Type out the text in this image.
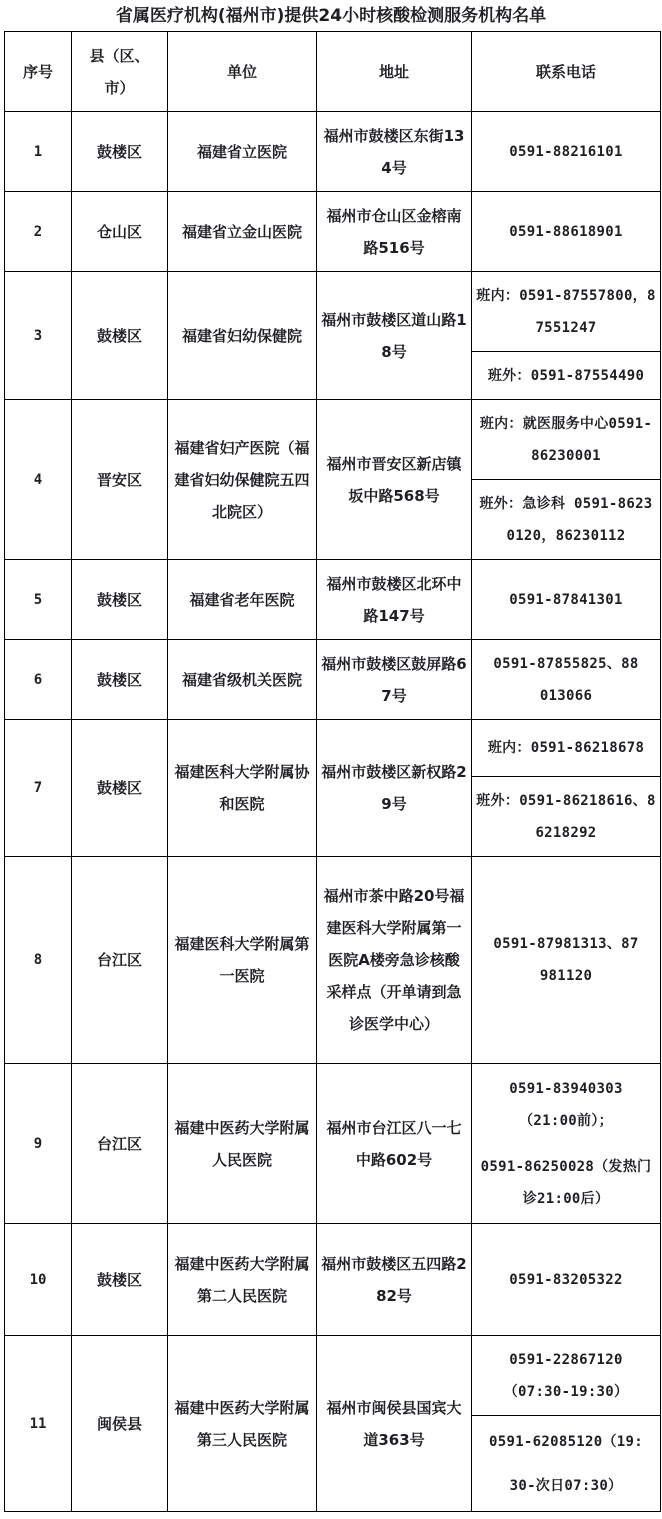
省属医疗机构(福州市)提供24小时核酸检测服务机构名单
序号	县（区、市）	单位	地址	联系电话
1	鼓楼区	福建省立医院	福州市鼓楼区东街134号	0591-88216101
2	仓山区	福建省立金山医院	福州市仓山区金榕南路516号	0591-88618901
3	鼓楼区	福建省妇幼保健院	福州市鼓楼区道山路18号	班内：0591-87557800，87551247
				班外：0591-87554490
4	晋安区	福建省妇产医院（福建省妇幼保健院五四北院区）	福州市晋安区新店镇坂中路568号	班内：就医服务中心0591-86230001
				班外：急诊科 0591-86230120，86230112
5	鼓楼区	福建省老年医院	福州市鼓楼区北环中路147号	0591-87841301
6	鼓楼区	福建省级机关医院	福州市鼓楼区鼓屏路67号	0591-87855825、88013066
7	鼓楼区	福建医科大学附属协和医院	福州市鼓楼区新权路29号	班内：0591-86218678
				班外：0591-86218616、86218292
8	台江区	福建医科大学附属第一医院	福州市茶中路20号福建医科大学附属第一医院A楼旁急诊核酸采样点（开单请到急诊医学中心）	0591-87981313、87981120
9	台江区	福建中医药大学附属人民医院	福州市台江区八一七中路602号	0591-83940303（21:00前）；
0591-86250028（发热门诊21:00后）

10	鼓楼区	福建中医药大学附属第二人民医院	福州市鼓楼区五四路282号	0591-83205322
11	闽侯县	福建中医药大学附属第三人民医院	福州市闽侯县国宾大道363号	0591-22867120（07:30-19:30）
				0591-62085120（19:30-次日07:30）
